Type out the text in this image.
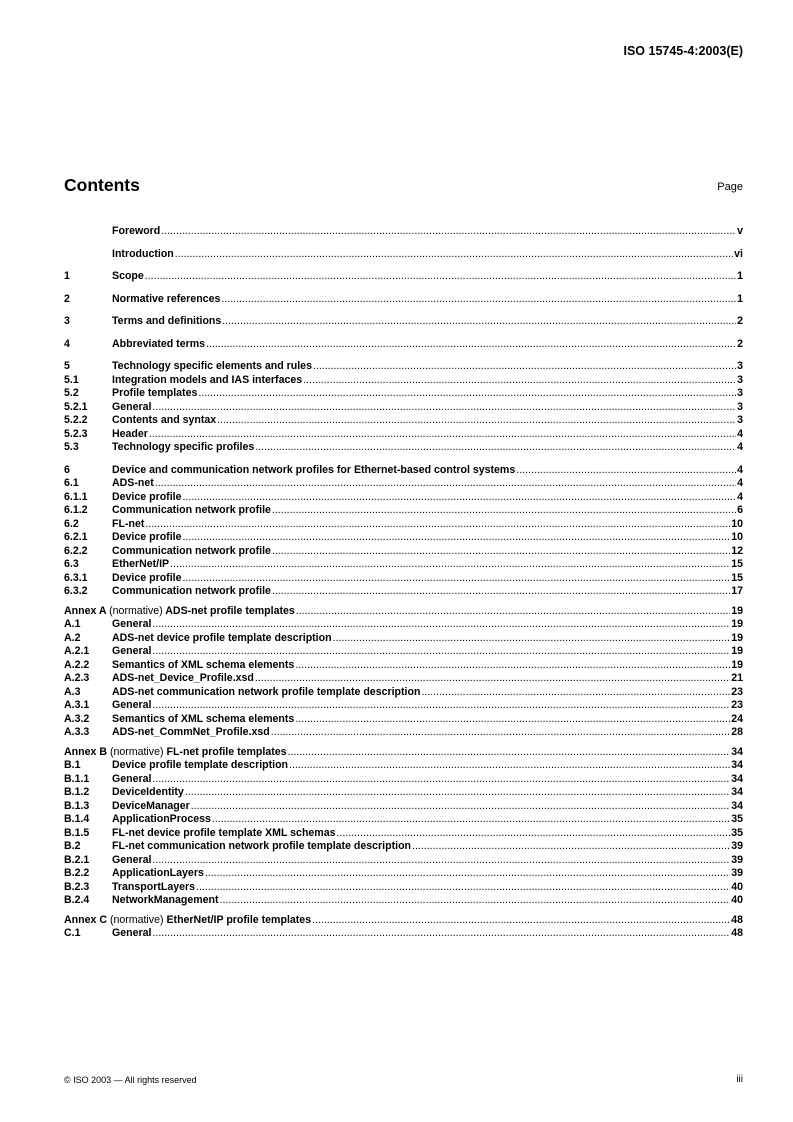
ISO 15745-4:2003(E)
Contents	Page
Foreword .....	v
Introduction .....	vi
1	Scope .....	1
2	Normative references .....	1
3	Terms and definitions .....	2
4	Abbreviated terms .....	2
5	Technology specific elements and rules .....	3
5.1	Integration models and IAS interfaces .....	3
5.2	Profile templates .....	3
5.2.1	General .....	3
5.2.2	Contents and syntax .....	3
5.2.3	Header .....	4
5.3	Technology specific profiles .....	4
6	Device and communication network profiles for Ethernet-based control systems .....	4
6.1	ADS-net .....	4
6.1.1	Device profile .....	4
6.1.2	Communication network profile .....	6
6.2	FL-net .....	10
6.2.1	Device profile .....	10
6.2.2	Communication network profile .....	12
6.3	EtherNet/IP .....	15
6.3.1	Device profile .....	15
6.3.2	Communication network profile .....	17
Annex A (normative) ADS-net profile templates .....	19
A.1	General .....	19
A.2	ADS-net device profile template description .....	19
A.2.1	General .....	19
A.2.2	Semantics of XML schema elements .....	19
A.2.3	ADS-net_Device_Profile.xsd .....	21
A.3	ADS-net communication network profile template description .....	23
A.3.1	General .....	23
A.3.2	Semantics of XML schema elements .....	24
A.3.3	ADS-net_CommNet_Profile.xsd .....	28
Annex B (normative) FL-net profile templates .....	34
B.1	Device profile template description .....	34
B.1.1	General .....	34
B.1.2	DeviceIdentity .....	34
B.1.3	DeviceManager .....	34
B.1.4	ApplicationProcess .....	35
B.1.5	FL-net device profile template XML schemas .....	35
B.2	FL-net communication network profile template description .....	39
B.2.1	General .....	39
B.2.2	ApplicationLayers .....	39
B.2.3	TransportLayers .....	40
B.2.4	NetworkManagement .....	40
Annex C (normative) EtherNet/IP profile templates .....	48
C.1	General .....	48
© ISO 2003 — All rights reserved	iii
